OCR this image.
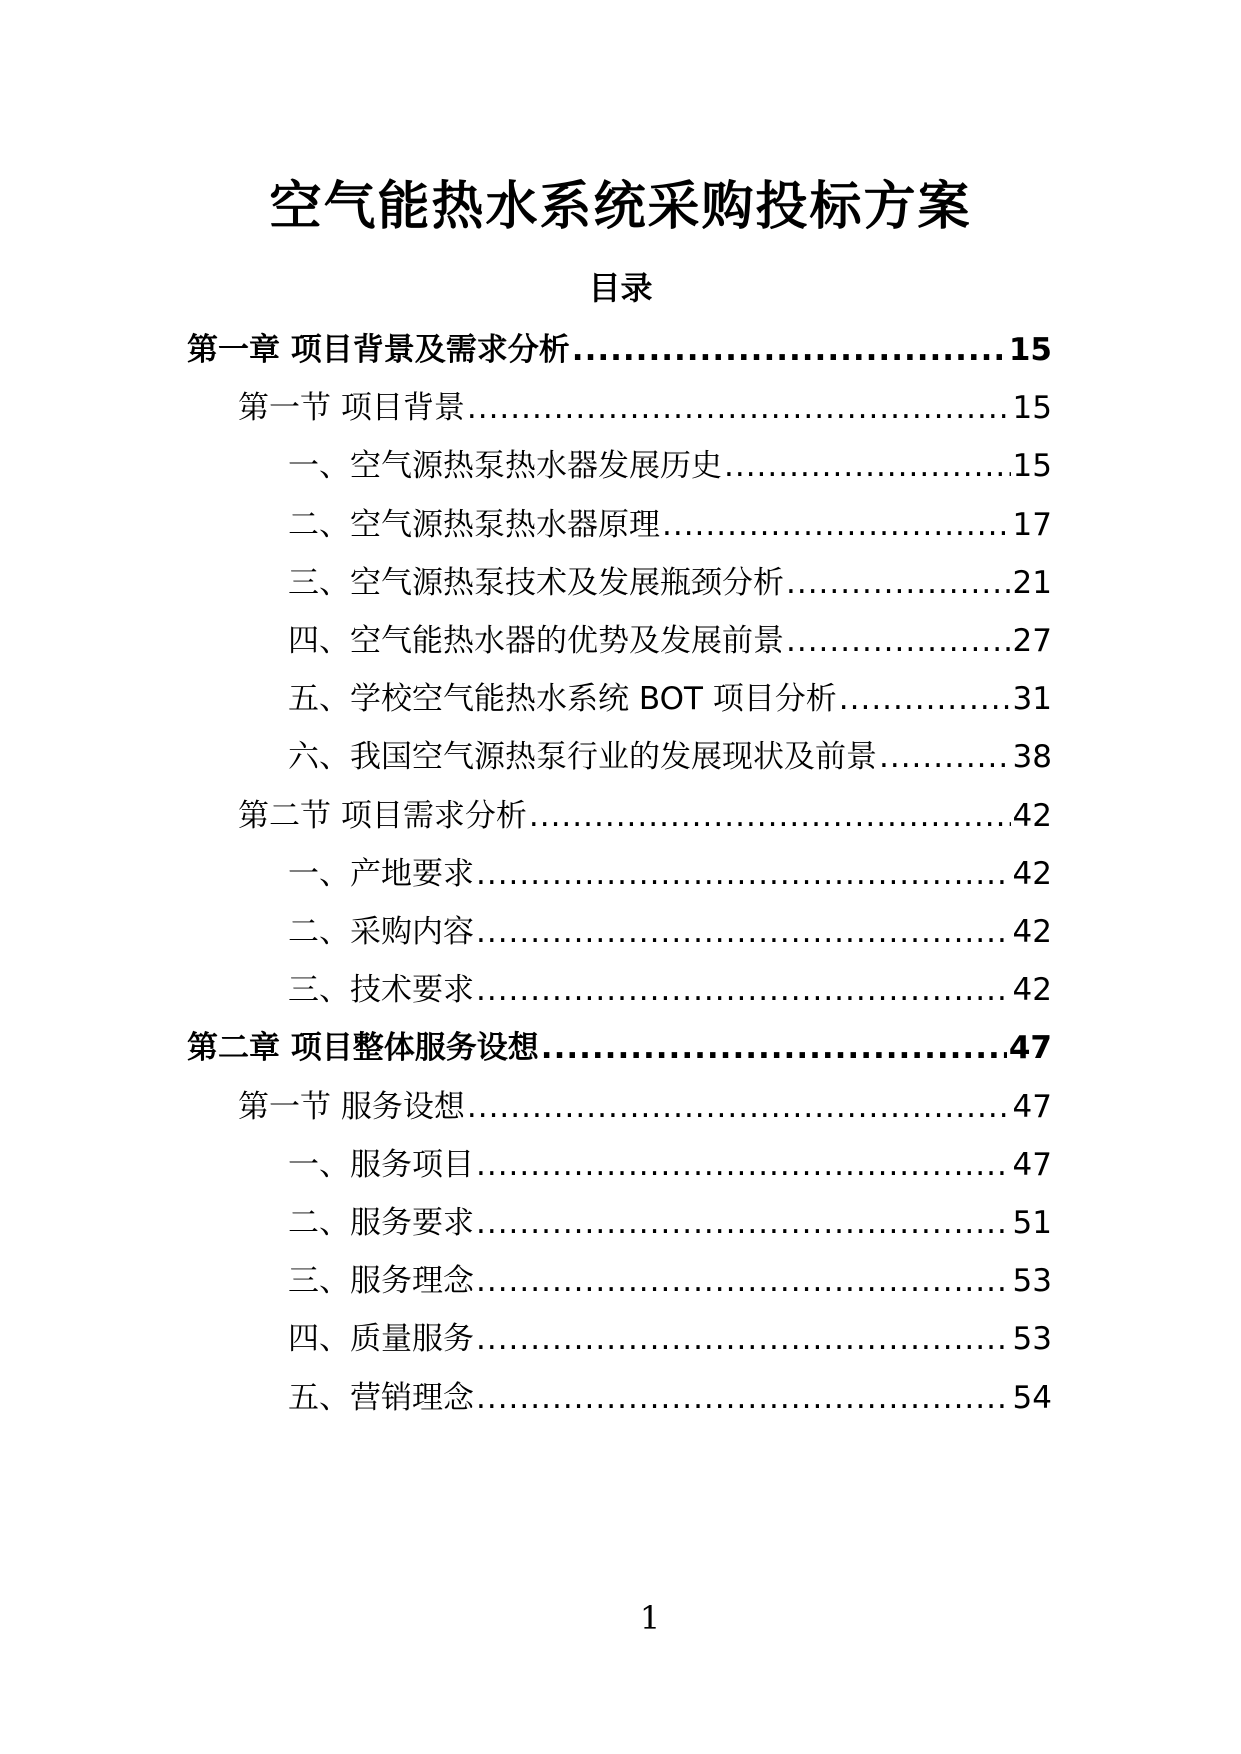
空气能热水系统采购投标方案
目录
第一章 项目背景及需求分析 .....	15
第一节 项目背景 .....	15
一、空气源热泵热水器发展历史 .....	15
二、空气源热泵热水器原理 .....	17
三、空气源热泵技术及发展瓶颈分析 .....	21
四、空气能热水器的优势及发展前景 .....	27
五、学校空气能热水系统 BOT 项目分析 .....	31
六、我国空气源热泵行业的发展现状及前景 .....	38
第二节 项目需求分析 .....	42
一、产地要求 .....	42
二、采购内容 .....	42
三、技术要求 .....	42
第二章 项目整体服务设想 .....	47
第一节 服务设想 .....	47
一、服务项目 .....	47
二、服务要求 .....	51
三、服务理念 .....	53
四、质量服务 .....	53
五、营销理念 .....	54
1
